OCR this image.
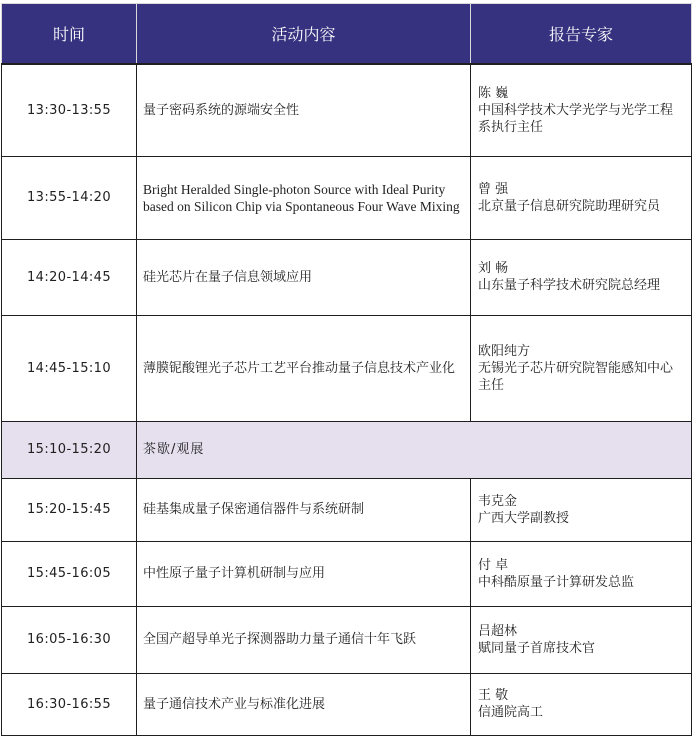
时间	活动内容	报告专家
13:30-13:55	量子密码系统的源端安全性	陈 巍
中国科学技术大学光学与光学工程系执行主任

13:55-14:20	Bright Heralded Single-photon Source with Ideal Purity based on Silicon Chip via Spontaneous Four Wave Mixing	曾 强
北京量子信息研究院助理研究员

14:20-14:45	硅光芯片在量子信息领域应用	刘 畅
山东量子科学技术研究院总经理

14:45-15:10	薄膜铌酸锂光子芯片工艺平台推动量子信息技术产业化	欧阳纯方
无锡光子芯片研究院智能感知中心主任

15:10-15:20	茶歇/观展	
15:20-15:45	硅基集成量子保密通信器件与系统研制	韦克金
广西大学副教授

15:45-16:05	中性原子量子计算机研制与应用	付 卓
中科酷原量子计算研发总监

16:05-16:30	全国产超导单光子探测器助力量子通信十年飞跃	吕超林
赋同量子首席技术官

16:30-16:55	量子通信技术产业与标准化进展	王 敬
信通院高工
